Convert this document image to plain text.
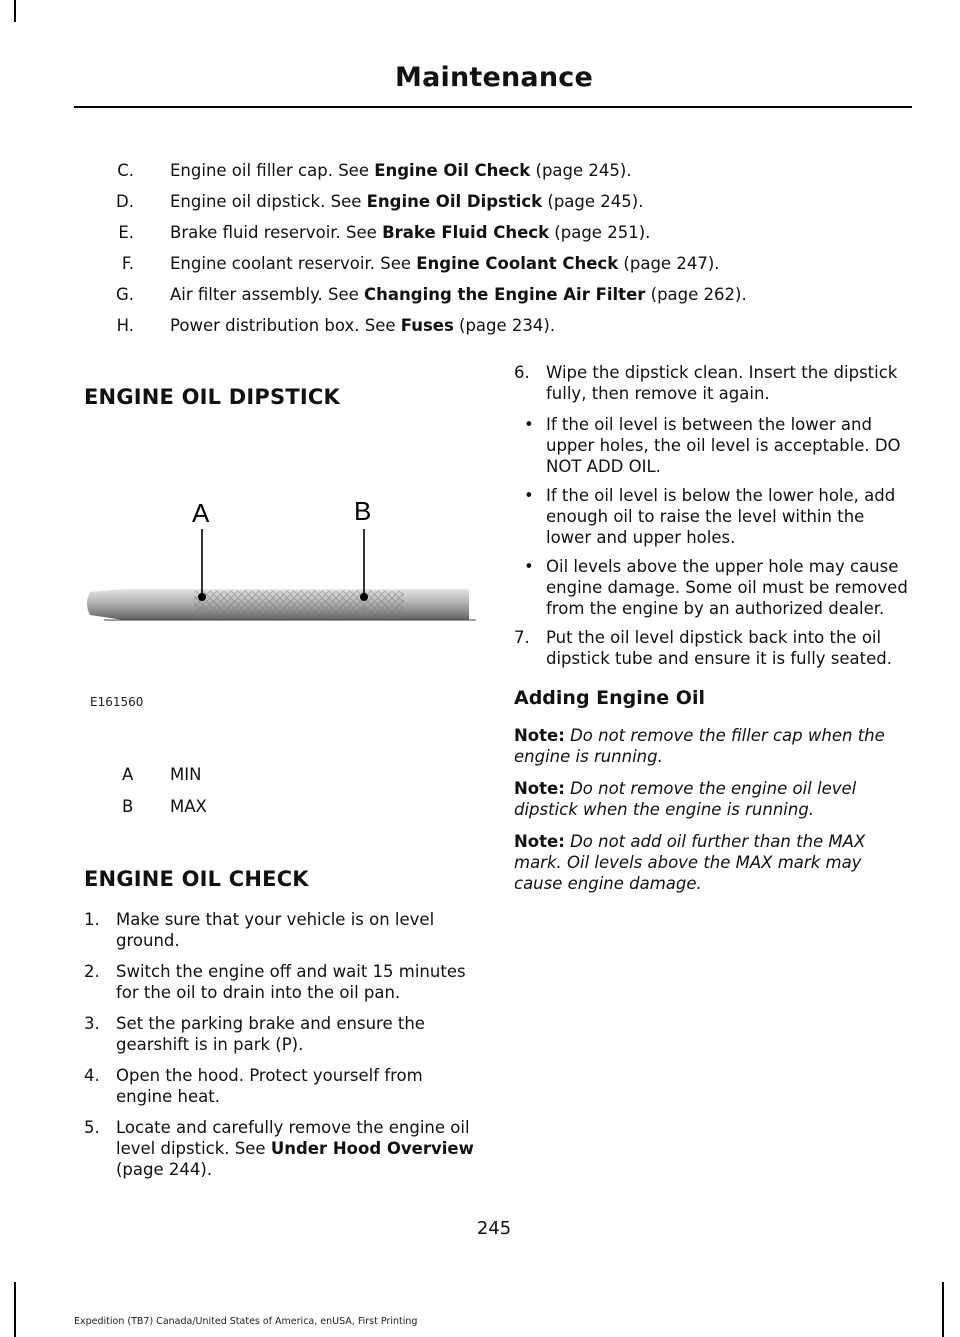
Maintenance
C. Engine oil filler cap. See Engine Oil Check (page 245).
D. Engine oil dipstick. See Engine Oil Dipstick (page 245).
E. Brake fluid reservoir. See Brake Fluid Check (page 251).
F. Engine coolant reservoir. See Engine Coolant Check (page 247).
G. Air filter assembly. See Changing the Engine Air Filter (page 262).
H. Power distribution box. See Fuses (page 234).
ENGINE OIL DIPSTICK
A	B
E161560
A MIN
B MAX
ENGINE OIL CHECK
1. Make sure that your vehicle is on level ground.
2. Switch the engine off and wait 15 minutes for the oil to drain into the oil pan.
3. Set the parking brake and ensure the gearshift is in park (P).
4. Open the hood. Protect yourself from engine heat.
5. Locate and carefully remove the engine oil level dipstick. See Under Hood Overview (page 244).
6. Wipe the dipstick clean. Insert the dipstick fully, then remove it again.
• If the oil level is between the lower and upper holes, the oil level is acceptable. DO NOT ADD OIL.
• If the oil level is below the lower hole, add enough oil to raise the level within the lower and upper holes.
• Oil levels above the upper hole may cause engine damage. Some oil must be removed from the engine by an authorized dealer.
7. Put the oil level dipstick back into the oil dipstick tube and ensure it is fully seated.
Adding Engine Oil
Note: Do not remove the filler cap when the engine is running.
Note: Do not remove the engine oil level dipstick when the engine is running.
Note: Do not add oil further than the MAX mark. Oil levels above the MAX mark may cause engine damage.
245
Expedition (TB7) Canada/United States of America, enUSA, First Printing
